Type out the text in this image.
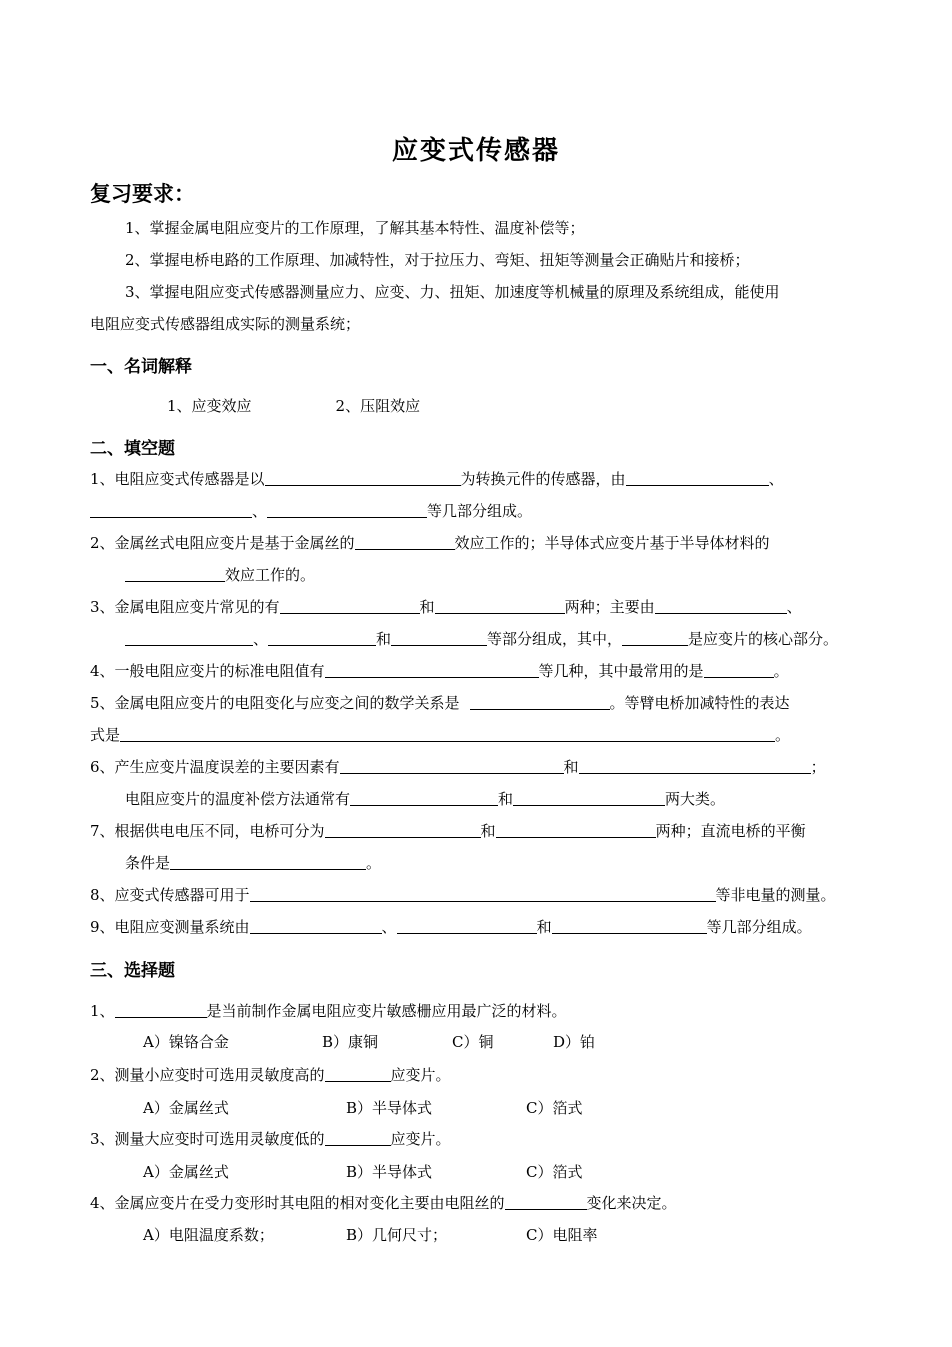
应变式传感器
复习要求：
1、掌握金属电阻应变片的工作原理，了解其基本特性、温度补偿等；
2、掌握电桥电路的工作原理、加减特性，对于拉压力、弯矩、扭矩等测量会正确贴片和接桥；
3、掌握电阻应变式传感器测量应力、应变、力、扭矩、加速度等机械量的原理及系统组成，能使用
电阻应变式传感器组成实际的测量系统；
一、名词解释
1、应变效应	2、压阻效应
二、填空题
1、电阻应变式传感器是以	为转换元件的传感器，由	、
、	等几部分组成。
2、金属丝式电阻应变片是基于金属丝的	效应工作的；半导体式应变片基于半导体材料的
效应工作的。
3、金属电阻应变片常见的有	和	两种；主要由	、
、	和	等部分组成，其中，	是应变片的核心部分。
4、一般电阻应变片的标准电阻值有	等几种，其中最常用的是	。
5、金属电阻应变片的电阻变化与应变之间的数学关系是	。等臂电桥加减特性的表达
式是	。
6、产生应变片温度误差的主要因素有	和	；
电阻应变片的温度补偿方法通常有	和	两大类。
7、根据供电电压不同，电桥可分为	和	两种；直流电桥的平衡
条件是	。
8、应变式传感器可用于	等非电量的测量。
9、电阻应变测量系统由	、	和	等几部分组成。
三、选择题
1、	是当前制作金属电阻应变片敏感栅应用最广泛的材料。
A）镍铬合金	B）康铜	C）铜	D）铂
2、测量小应变时可选用灵敏度高的	应变片。
A）金属丝式	B）半导体式	C）箔式
3、测量大应变时可选用灵敏度低的	应变片。
A）金属丝式	B）半导体式	C）箔式
4、金属应变片在受力变形时其电阻的相对变化主要由电阻丝的	变化来决定。
A）电阻温度系数；	B）几何尺寸；	C）电阻率
